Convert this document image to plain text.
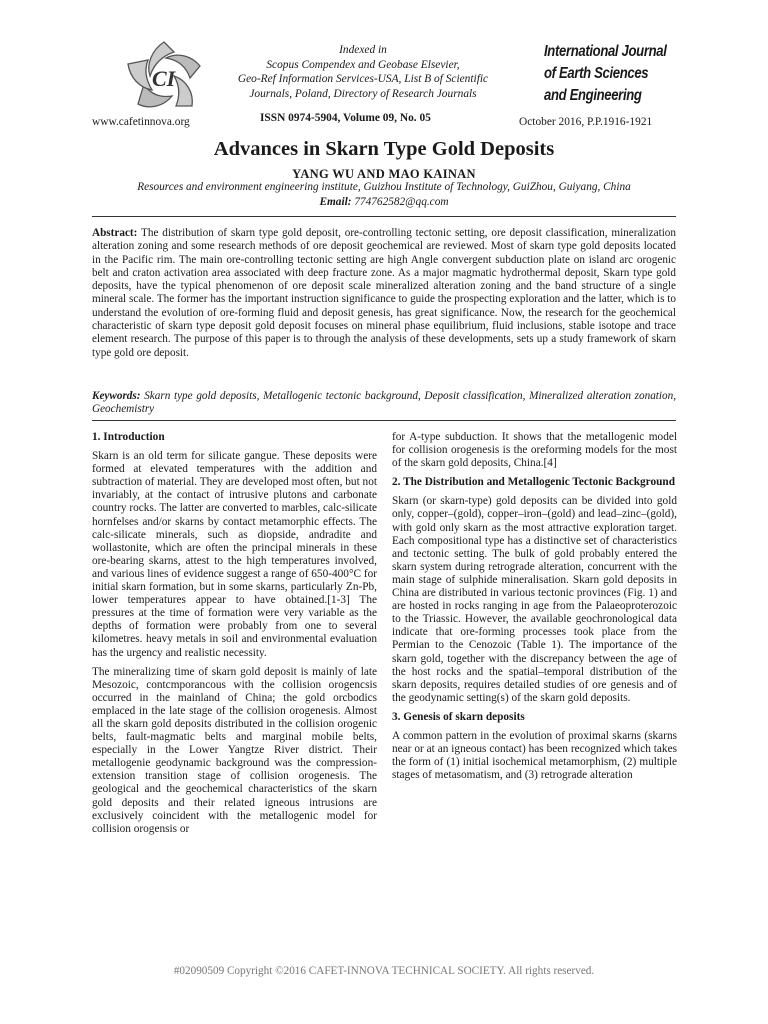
CI
Indexed in
Scopus Compendex and Geobase Elsevier,
Geo-Ref Information Services-USA, List B of Scientific
Journals, Poland, Directory of Research Journals
International Journal
of Earth Sciences
and Engineering
www.cafetinnova.org	ISSN 0974-5904, Volume 09, No. 05	October 2016, P.P.1916-1921
Advances in Skarn Type Gold Deposits
YANG WU AND MAO KAINAN
Resources and environment engineering institute, Guizhou Institute of Technology, GuiZhou, Guiyang, China
Email: 774762582@qq.com
Abstract: The distribution of skarn type gold deposit, ore-controlling tectonic setting, ore deposit classification, mineralization alteration zoning and some research methods of ore deposit geochemical are reviewed. Most of skarn type gold deposits located in the Pacific rim. The main ore-controlling tectonic setting are high Angle convergent subduction plate on island arc orogenic belt and craton activation area associated with deep fracture zone. As a major magmatic hydrothermal deposit, Skarn type gold deposits, have the typical phenomenon of ore deposit scale mineralized alteration zoning and the band structure of a single mineral scale. The former has the important instruction significance to guide the prospecting exploration and the latter, which is to understand the evolution of ore-forming fluid and deposit genesis, has great significance. Now, the research for the geochemical characteristic of skarn type deposit gold deposit focuses on mineral phase equilibrium, fluid inclusions, stable isotope and trace element research. The purpose of this paper is to through the analysis of these developments, sets up a study framework of skarn type gold ore deposit.
Keywords: Skarn type gold deposits, Metallogenic tectonic background, Deposit classification, Mineralized alteration zonation, Geochemistry
1. Introduction

Skarn is an old term for silicate gangue. These deposits were formed at elevated temperatures with the addition and subtraction of material. They are developed most often, but not invariably, at the contact of intrusive plutons and carbonate country rocks. The latter are converted to marbles, calc-silicate hornfelses and/or skarns by contact metamorphic effects. The calc-silicate minerals, such as diopside, andradite and wollastonite, which are often the principal minerals in these ore-bearing skarns, attest to the high temperatures involved, and various lines of evidence suggest a range of 650-400°C for initial skarn formation, but in some skarns, particularly Zn-Pb, lower temperatures appear to have obtained.[1-3] The pressures at the time of formation were very variable as the depths of formation were probably from one to several kilometres. heavy metals in soil and environmental evaluation has the urgency and realistic necessity.

The mineralizing time of skarn gold deposit is mainly of late Mesozoic, contcmporancous with the collision orogencsis occurred in the mainland of China; the gold orcbodics emplaced in the late stage of the collision orogenesis. Almost all the skarn gold deposits distributed in the collision orogenic belts, fault-magmatic belts and marginal mobile belts, especially in the Lower Yangtze River district. Their metallogenie geodynamic background was the compression-extension transition stage of collision orogenesis. The geological and the geochemical characteristics of the skarn gold deposits and their related igneous intrusions are exclusively coincident with the metallogenic model for collision orogensis or

for A-type subduction. It shows that the metallogenic model for collision orogenesis is the oreforming models for the most of the skarn gold deposits, China.[4]

2. The Distribution and Metallogenic Tectonic Background

Skarn (or skarn-type) gold deposits can be divided into gold only, copper–(gold), copper–iron–(gold) and lead–zinc–(gold), with gold only skarn as the most attractive exploration target. Each compositional type has a distinctive set of characteristics and tectonic setting. The bulk of gold probably entered the skarn system during retrograde alteration, concurrent with the main stage of sulphide mineralisation. Skarn gold deposits in China are distributed in various tectonic provinces (Fig. 1) and are hosted in rocks ranging in age from the Palaeoproterozoic to the Triassic. However, the available geochronological data indicate that ore-forming processes took place from the Permian to the Cenozoic (Table 1). The importance of the skarn gold, together with the discrepancy between the age of the host rocks and the spatial–temporal distribution of the skarn deposits, requires detailed studies of ore genesis and of the geodynamic setting(s) of the skarn gold deposits.

3. Genesis of skarn deposits

A common pattern in the evolution of proximal skarns (skarns near or at an igneous contact) has been recognized which takes the form of (1) initial isochemical metamorphism, (2) multiple stages of metasomatism, and (3) retrograde alteration

#02090509 Copyright ©2016 CAFET-INNOVA TECHNICAL SOCIETY. All rights reserved.
